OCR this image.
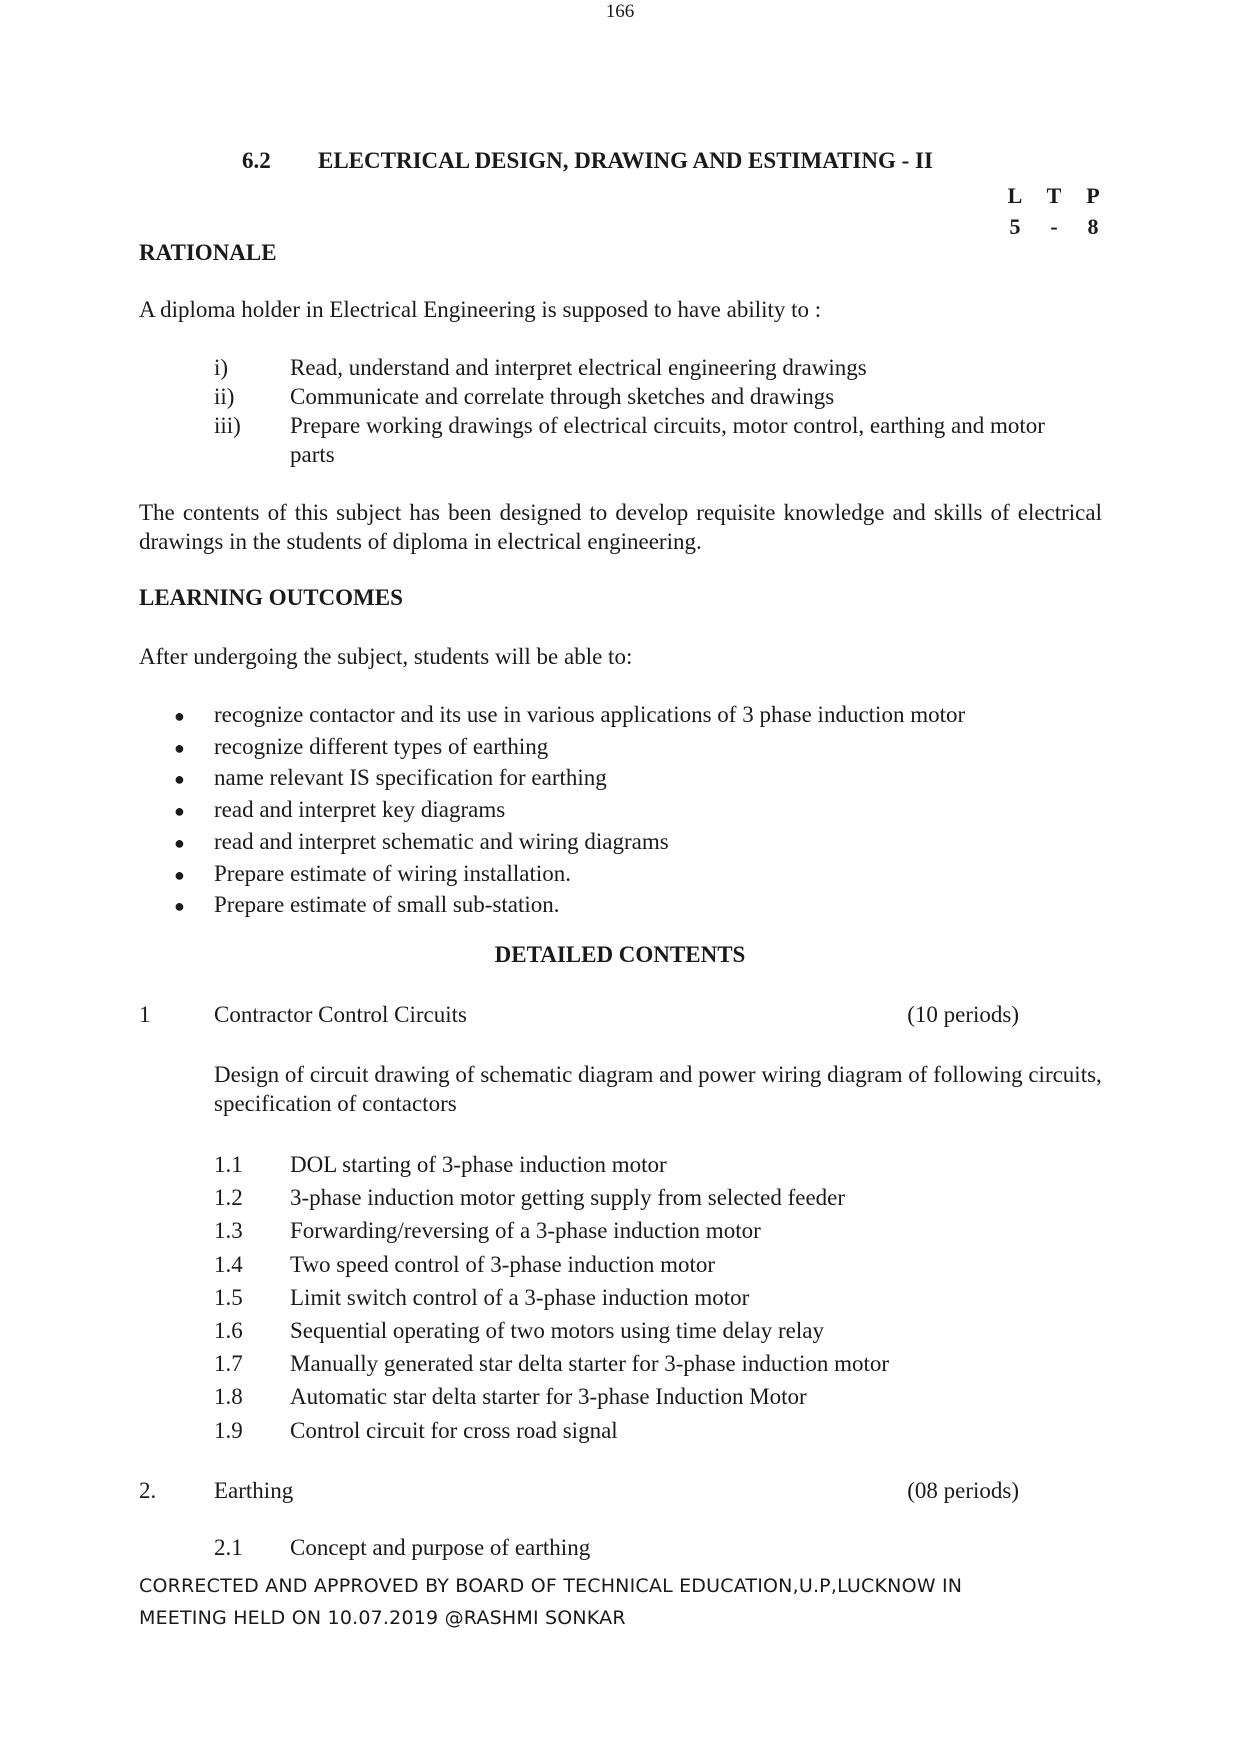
166
6.2 ELECTRICAL DESIGN, DRAWING AND ESTIMATING - II
L	T	P
5	-	8
RATIONALE
A diploma holder in Electrical Engineering is supposed to have ability to :
i)	Read, understand and interpret electrical engineering drawings
ii)	Communicate and correlate through sketches and drawings
iii)	Prepare working drawings of electrical circuits, motor control, earthing and motor parts
The contents of this subject has been designed to develop requisite knowledge and skills of electrical drawings in the students of diploma in electrical engineering.
LEARNING OUTCOMES
After undergoing the subject, students will be able to:
●	recognize contactor and its use in various applications of 3 phase induction motor
●	recognize different types of earthing
●	name relevant IS specification for earthing
●	read and interpret key diagrams
●	read and interpret schematic and wiring diagrams
●	Prepare estimate of wiring installation.
●	Prepare estimate of small sub-station.
DETAILED CONTENTS
1	Contractor Control Circuits	(10 periods)
Design of circuit drawing of schematic diagram and power wiring diagram of following circuits, specification of contactors
1.1	DOL starting of 3-phase induction motor
1.2	3-phase induction motor getting supply from selected feeder
1.3	Forwarding/reversing of a 3-phase induction motor
1.4	Two speed control of 3-phase induction motor
1.5	Limit switch control of a 3-phase induction motor
1.6	Sequential operating of two motors using time delay relay
1.7	Manually generated star delta starter for 3-phase induction motor
1.8	Automatic star delta starter for 3-phase Induction Motor
1.9	Control circuit for cross road signal
2.	Earthing	(08 periods)
2.1	Concept and purpose of earthing
CORRECTED AND APPROVED BY BOARD OF TECHNICAL EDUCATION,U.P,LUCKNOW IN
MEETING HELD ON 10.07.2019 @RASHMI SONKAR
